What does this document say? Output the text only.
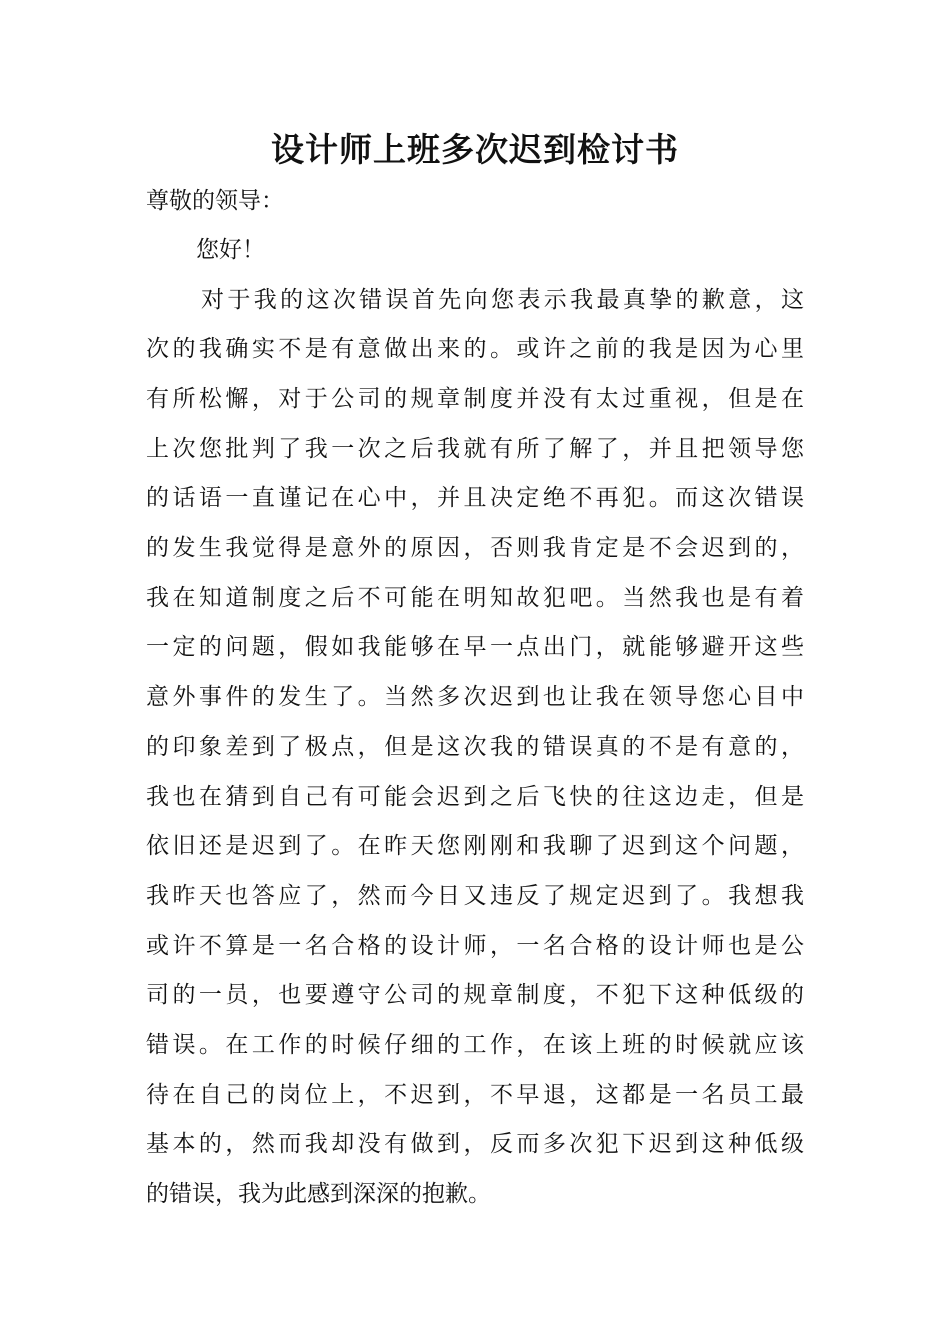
设计师上班多次迟到检讨书
尊敬的领导：
您好！
对于我的这次错误首先向您表示我最真挚的歉意，这
次的我确实不是有意做出来的。或许之前的我是因为心里
有所松懈，对于公司的规章制度并没有太过重视，但是在
上次您批判了我一次之后我就有所了解了，并且把领导您
的话语一直谨记在心中，并且决定绝不再犯。而这次错误
的发生我觉得是意外的原因，否则我肯定是不会迟到的，
我在知道制度之后不可能在明知故犯吧。当然我也是有着
一定的问题，假如我能够在早一点出门，就能够避开这些
意外事件的发生了。当然多次迟到也让我在领导您心目中
的印象差到了极点，但是这次我的错误真的不是有意的，
我也在猜到自己有可能会迟到之后飞快的往这边走，但是
依旧还是迟到了。在昨天您刚刚和我聊了迟到这个问题，
我昨天也答应了，然而今日又违反了规定迟到了。我想我
或许不算是一名合格的设计师，一名合格的设计师也是公
司的一员，也要遵守公司的规章制度，不犯下这种低级的
错误。在工作的时候仔细的工作，在该上班的时候就应该
待在自己的岗位上，不迟到，不早退，这都是一名员工最
基本的，然而我却没有做到，反而多次犯下迟到这种低级
的错误，我为此感到深深的抱歉。
